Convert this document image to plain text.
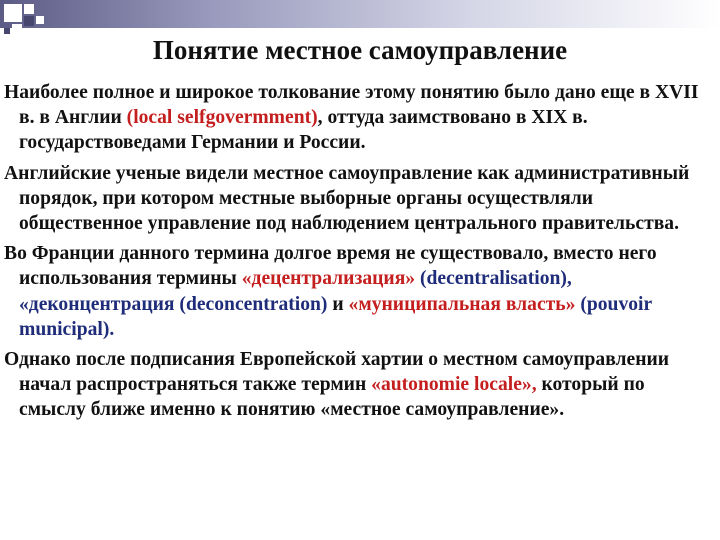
Понятие местное самоуправление

Наиболее полное и широкое толкование этому понятию было дано еще в XVII в. в Англии (local selfgovermment), оттуда заимствовано в XIX в. государствоведами Германии и России.

Английские ученые видели местное самоуправление как административный порядок, при котором местные выборные органы осуществляли общественное управление под наблюдением центрального правительства.

Во Франции данного термина долгое время не существовало, вместо него использования термины «децентрализация» (decentralisation), «деконцентрация (deconcentration) и «муниципальная власть» (pouvoir municipal).

Однако после подписания Европейской хартии о местном самоуправлении начал распространяться также термин «autonomie locale», который по смыслу ближе именно к понятию «местное самоуправление».
